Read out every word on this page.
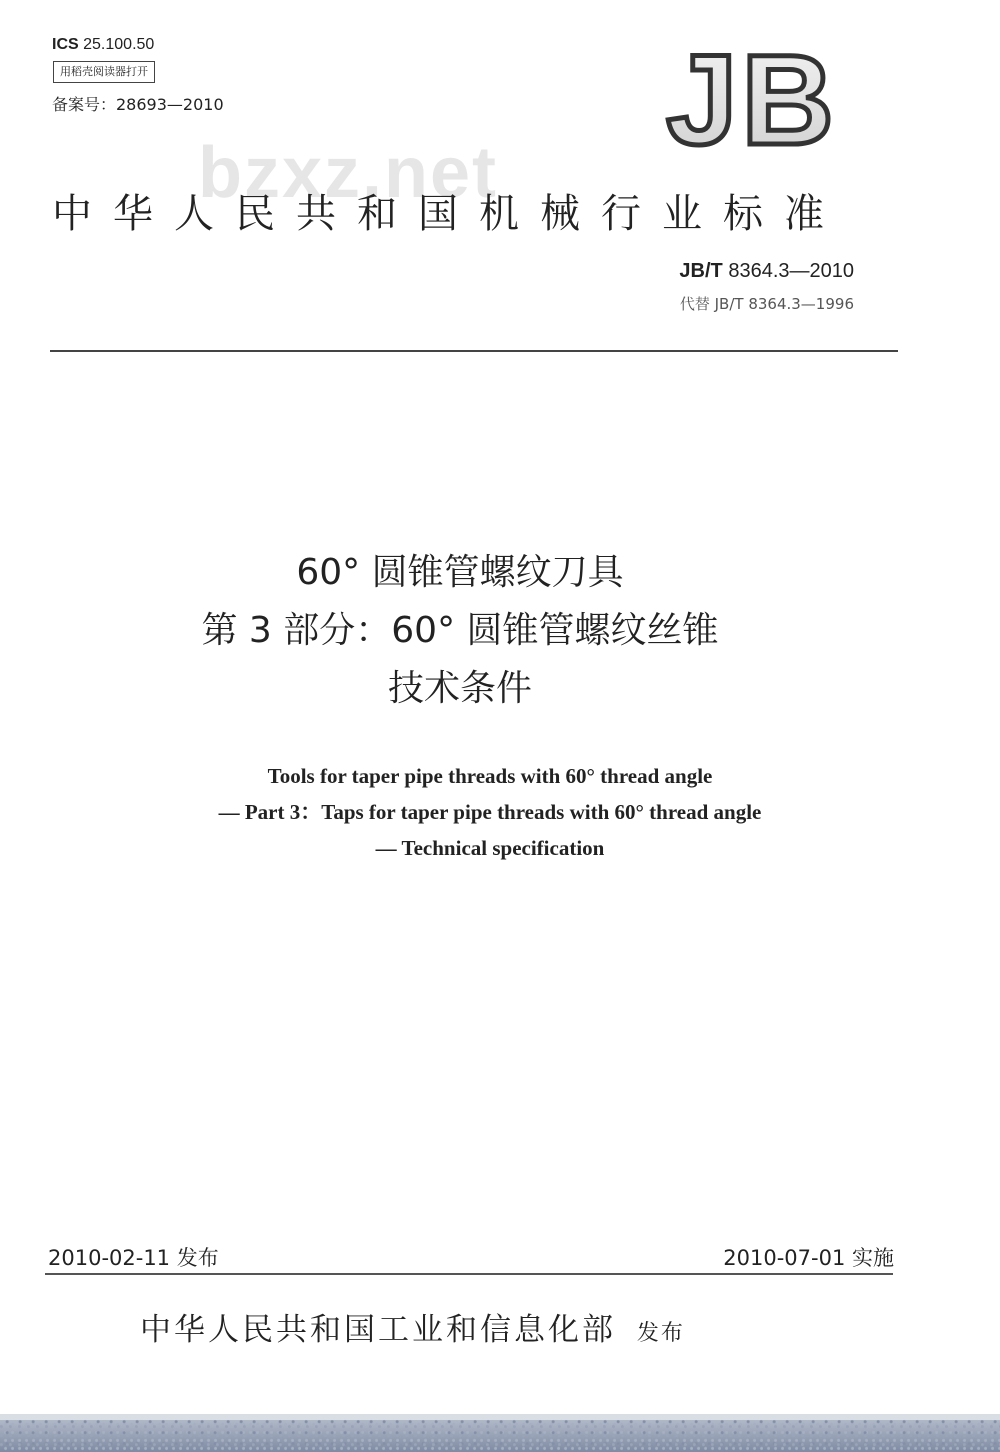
ICS 25.100.50
用稻壳阅读器打开
备案号：28693—2010	JB
bzxz.net
中华人民共和国机械行业标准
JB/T 8364.3—2010
代替 JB/T 8364.3—1996
60° 圆锥管螺纹刀具
第 3 部分：60° 圆锥管螺纹丝锥
技术条件
Tools for taper pipe threads with 60° thread angle
— Part 3：Taps for taper pipe threads with 60° thread angle
— Technical specification
2010-02-11 发布	2010-07-01 实施
中华人民共和国工业和信息化部 发布
